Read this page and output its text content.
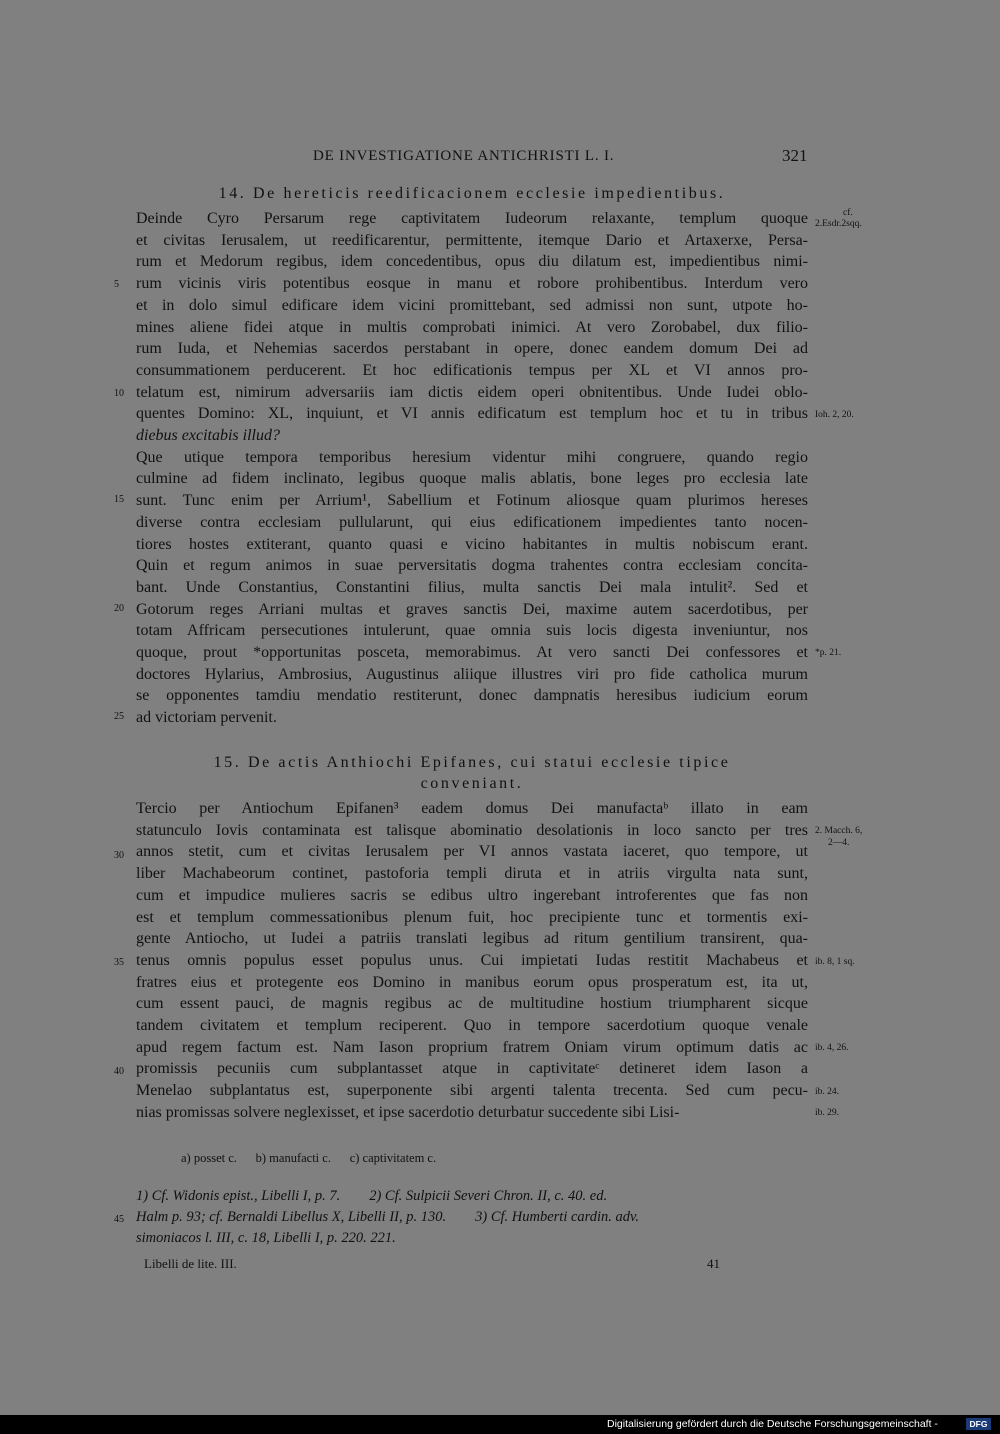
DE INVESTIGATIONE ANTICHRISTI L. I.	321
14. De hereticis reedificacionem ecclesie impedientibus.
Deinde Cyro Persarum rege captivitatem Iudeorum relaxante, templum quoque
et civitas Ierusalem, ut reedificarentur, permittente, itemque Dario et Artaxerxe, Persa-
rum et Medorum regibus, idem concedentibus, opus diu dilatum est, impedientibus nimi-
rum vicinis viris potentibus eosque in manu et robore prohibentibus. Interdum vero
et in dolo simul edificare idem vicini promittebant, sed admissi non sunt, utpote ho-
mines aliene fidei atque in multis comprobati inimici. At vero Zorobabel, dux filio-
rum Iuda, et Nehemias sacerdos perstabant in opere, donec eandem domum Dei ad
consummationem perducerent. Et hoc edificationis tempus per XL et VI annos pro-
telatum est, nimirum adversariis iam dictis eidem operi obnitentibus. Unde Iudei oblo-
quentes Domino: XL, inquiunt, et VI annis edificatum est templum hoc et tu in tribus
diebus excitabis illud?
Que utique tempora temporibus heresium videntur mihi congruere, quando regio
culmine ad fidem inclinato, legibus quoque malis ablatis, bone leges pro ecclesia late
sunt. Tunc enim per Arrium¹, Sabellium et Fotinum aliosque quam plurimos hereses
diverse contra ecclesiam pullularunt, qui eius edificationem impedientes tanto nocen-
tiores hostes extiterant, quanto quasi e vicino habitantes in multis nobiscum erant.
Quin et regum animos in suae perversitatis dogma trahentes contra ecclesiam concita-
bant. Unde Constantius, Constantini filius, multa sanctis Dei mala intulit². Sed et
Gotorum reges Arriani multas et graves sanctis Dei, maxime autem sacerdotibus, per
totam Affricam persecutiones intulerunt, quae omnia suis locis digesta inveniuntur, nos
quoque, prout *opportunitas posceta, memorabimus. At vero sancti Dei confessores et
doctores Hylarius, Ambrosius, Augustinus aliique illustres viri pro fide catholica murum
se opponentes tamdiu mendatio restiterunt, donec dampnatis heresibus iudicium eorum
ad victoriam pervenit.
15. De actis Anthiochi Epifanes, cui statui ecclesie tipice
conveniant.
Tercio per Antiochum Epifanen³ eadem domus Dei manufactaᵇ illato in eam
statunculo Iovis contaminata est talisque abominatio desolationis in loco sancto per tres
annos stetit, cum et civitas Ierusalem per VI annos vastata iaceret, quo tempore, ut
liber Machabeorum continet, pastoforia templi diruta et in atriis virgulta nata sunt,
cum et impudice mulieres sacris se edibus ultro ingerebant introferentes que fas non
est et templum commessationibus plenum fuit, hoc precipiente tunc et tormentis exi-
gente Antiocho, ut Iudei a patriis translati legibus ad ritum gentilium transirent, qua-
tenus omnis populus esset populus unus. Cui impietati Iudas restitit Machabeus et
fratres eius et protegente eos Domino in manibus eorum opus prosperatum est, ita ut,
cum essent pauci, de magnis regibus ac de multitudine hostium triumpharent sicque
tandem civitatem et templum reciperent. Quo in tempore sacerdotium quoque venale
apud regem factum est. Nam Iason proprium fratrem Oniam virum optimum datis ac
promissis pecuniis cum subplantasset atque in captivitateᶜ detineret idem Iason a
Menelao subplantatus est, superponente sibi argenti talenta trecenta. Sed cum pecu-
nias promissas solvere neglexisset, et ipse sacerdotio deturbatur succedente sibi Lisi-
5
10
15
20
25
30
35
40
45
cf.
2.Esdr.2sqq.
Ioh. 2, 20.
*p. 21.
2. Macch. 6,
2—4.
ib. 8, 1 sq.
ib. 4, 26.
ib. 24.
ib. 29.
a) posset c.      b) manufacti c.      c) captivitatem c.
1) Cf. Widonis epist., Libelli I, p. 7.        2) Cf. Sulpicii Severi Chron. II, c. 40. ed.
Halm p. 93; cf. Bernaldi Libellus X, Libelli II, p. 130.        3) Cf. Humberti cardin. adv.
simoniacos l. III, c. 18, Libelli I, p. 220. 221.
Libelli de lite. III.	41
Digitalisierung gefördert durch die Deutsche Forschungsgemeinschaft -	DFG
